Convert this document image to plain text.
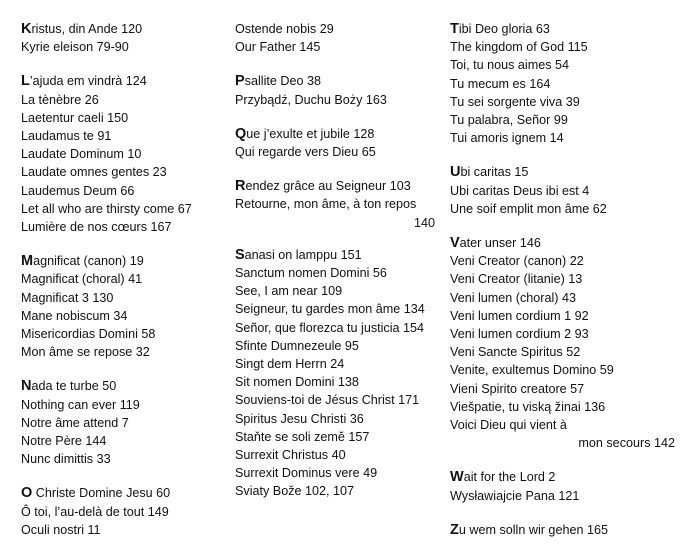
Kristus, din Ande 120
Kyrie eleison 79-90
L’ajuda em vindrà 124
La tènèbre 26
Laetentur caeli 150
Laudamus te 91
Laudate Dominum 10
Laudate omnes gentes 23
Laudemus Deum 66
Let all who are thirsty come 67
Lumière de nos cœurs 167
Magnificat (canon) 19
Magnificat (choral) 41
Magnificat 3 130
Mane nobiscum 34
Misericordias Domini 58
Mon âme se repose 32
Nada te turbe 50
Nothing can ever 119
Notre âme attend 7
Notre Père 144
Nunc dimittis 33
O Christe Domine Jesu 60
Ô toi, l’au-delà de tout 149
Oculi nostri 11
Ostende nobis 29
Our Father 145
Psallite Deo 38
Przybądź, Duchu Boży 163
Que j’exulte et jubile 128
Qui regarde vers Dieu 65
Rendez grâce au Seigneur 103
Retourne, mon âme, à ton repos
140
Sanasi on lamppu 151
Sanctum nomen Domini 56
See, I am near 109
Seigneur, tu gardes mon âme 134
Señor, que florezca tu justicia 154
Sfinte Dumnezeule 95
Singt dem Herrn 24
Sit nomen Domini 138
Souviens-toi de Jésus Christ 171
Spiritus Jesu Christi 36
Staňte se soli zemĕ 157
Surrexit Christus 40
Surrexit Dominus vere 49
Sviaty Bože 102, 107
Tibi Deo gloria 63
The kingdom of God 115
Toi, tu nous aimes 54
Tu mecum es 164
Tu sei sorgente viva 39
Tu palabra, Señor 99
Tui amoris ignem 14
Ubi caritas 15
Ubi caritas Deus ibi est 4
Une soif emplit mon âme 62
Vater unser 146
Veni Creator (canon) 22
Veni Creator (litanie) 13
Veni lumen (choral) 43
Veni lumen cordium 1 92
Veni lumen cordium 2 93
Veni Sancte Spiritus 52
Venite, exultemus Domino 59
Vieni Spirito creatore 57
Viešpatie, tu viską žinai 136
Voici Dieu qui vient à
mon secours 142
Wait for the Lord 2
Wysławiajcie Pana 121
Zu wem solln wir gehen 165
